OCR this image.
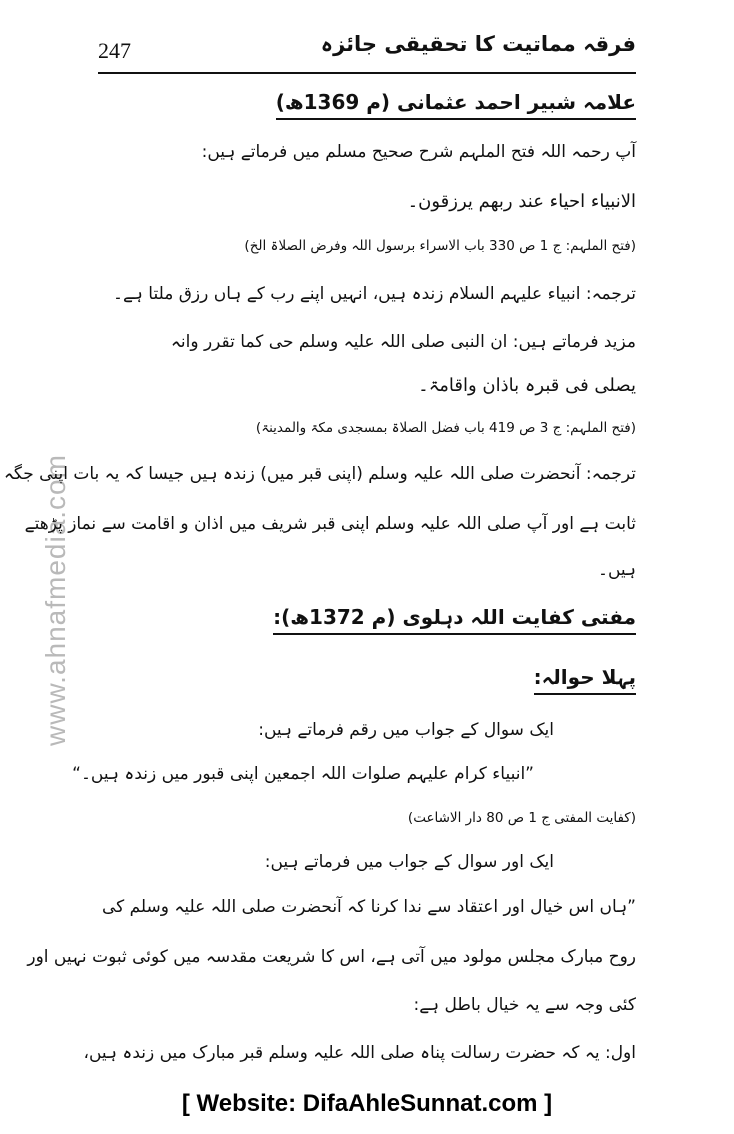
247	فرقہ مماتیت کا تحقیقی جائزہ
www.ahnafmedia.com
علامہ شبیر احمد عثمانی (م 1369ھ)
آپ رحمہ اللہ فتح الملہم شرح صحیح مسلم میں فرماتے ہیں:
الانبیاء احیاء عند ربھم یرزقون۔
(فتح الملہم: ج 1 ص 330 باب الاسراء برسول اللہ وفرض الصلاۃ الخ)
ترجمہ: انبیاء علیہم السلام زندہ ہیں، انہیں اپنے رب کے ہاں رزق ملتا ہے۔
مزید فرماتے ہیں: ان النبی صلی اللہ علیہ وسلم حی کما تقرر وانہ
یصلی فی قبرہ باذان واقامۃ۔
(فتح الملہم: ج 3 ص 419 باب فضل الصلاۃ بمسجدی مکۃ والمدینۃ)
ترجمہ: آنحضرت صلی اللہ علیہ وسلم (اپنی قبر میں) زندہ ہیں جیسا کہ یہ بات اپنی جگہ
ثابت ہے اور آپ صلی اللہ علیہ وسلم اپنی قبر شریف میں اذان و اقامت سے نماز پڑھتے
ہیں۔
مفتی کفایت اللہ دہلوی (م 1372ھ):
پہلا حوالہ:
ایک سوال کے جواب میں رقم فرماتے ہیں:
”انبیاء کرام علیہم صلوات اللہ اجمعین اپنی قبور میں زندہ ہیں۔“
(کفایت المفتی ج 1 ص 80 دار الاشاعت)
ایک اور سوال کے جواب میں فرماتے ہیں:
”ہاں اس خیال اور اعتقاد سے ندا کرنا کہ آنحضرت صلی اللہ علیہ وسلم کی
روح مبارک مجلس مولود میں آتی ہے، اس کا شریعت مقدسہ میں کوئی ثبوت نہیں اور
کئی وجہ سے یہ خیال باطل ہے:
اول: یہ کہ حضرت رسالت پناہ صلی اللہ علیہ وسلم قبر مبارک میں زندہ ہیں،
[ Website: DifaAhleSunnat.com ]
